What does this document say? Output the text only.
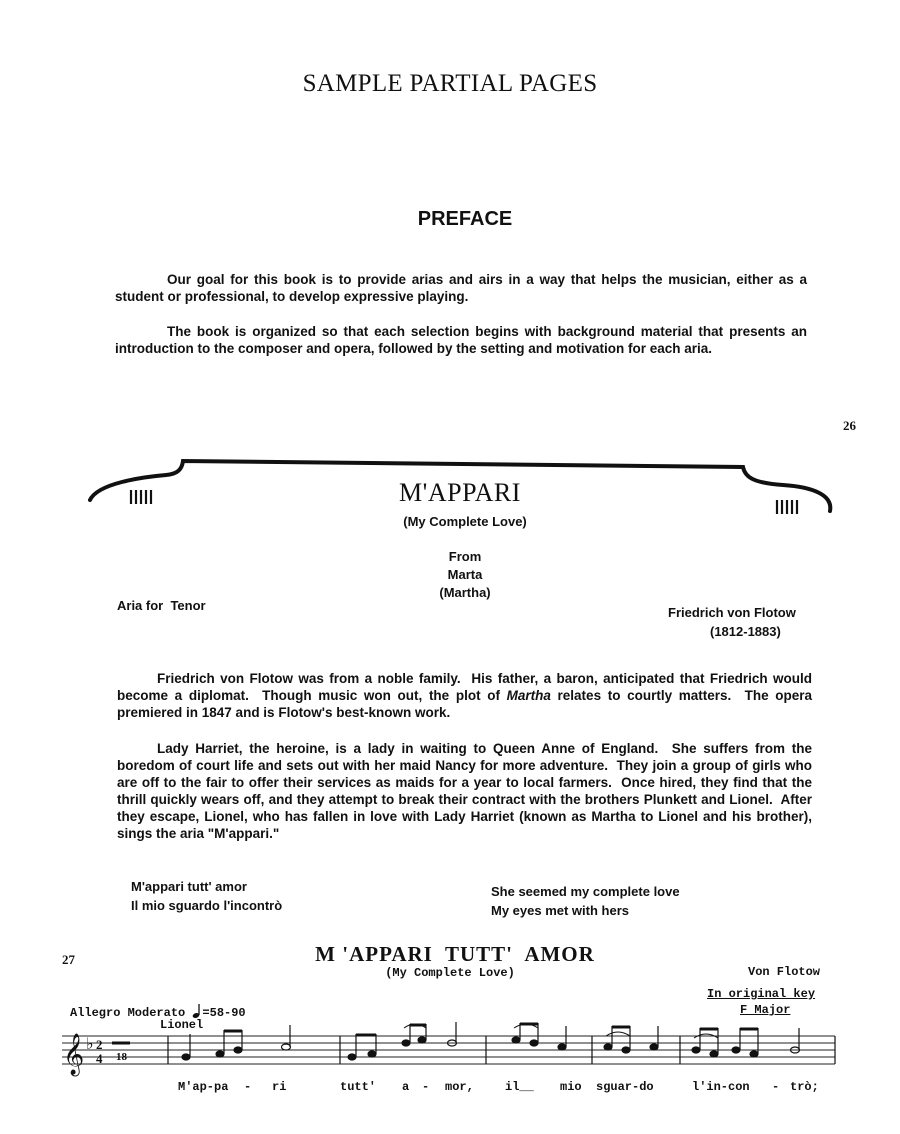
SAMPLE PARTIAL PAGES
PREFACE
Our goal for this book is to provide arias and airs in a way that helps the musician, either as a student or professional, to develop expressive playing.
The book is organized so that each selection begins with background material that presents an introduction to the composer and opera, followed by the setting and motivation for each aria.
26
M'APPARI
(My Complete Love)
From
Marta
(Martha)
Aria for  Tenor	Friedrich von Flotow
(1812-1883)
Friedrich von Flotow was from a noble family.  His father, a baron, anticipated that Friedrich would become a diplomat.  Though music won out, the plot of Martha relates to courtly matters.  The opera premiered in 1847 and is Flotow's best-known work.
Lady Harriet, the heroine, is a lady in waiting to Queen Anne of England.  She suffers from the boredom of court life and sets out with her maid Nancy for more adventure.  They join a group of girls who are off to the fair to offer their services as maids for a year to local farmers.  Once hired, they find that the thrill quickly wears off, and they attempt to break their contract with the brothers Plunkett and Lionel.  After they escape, Lionel, who has fallen in love with Lady Harriet (known as Martha to Lionel and his brother), sings the aria "M'appari."
M'appari tutt' amor
Il mio sguardo l'incontrò
She seemed my complete love
My eyes met with hers
27	M 'APPARI  TUTT'  AMOR
(My Complete Love)	Von Flotow
In original key
F Major
Allegro Moderato =58-90
Lionel
𝄞 ♭ 2
4 18
M'ap-pa - ri	tutt' a - mor,	il__ mio sguar-do	l'in-con - trò;
